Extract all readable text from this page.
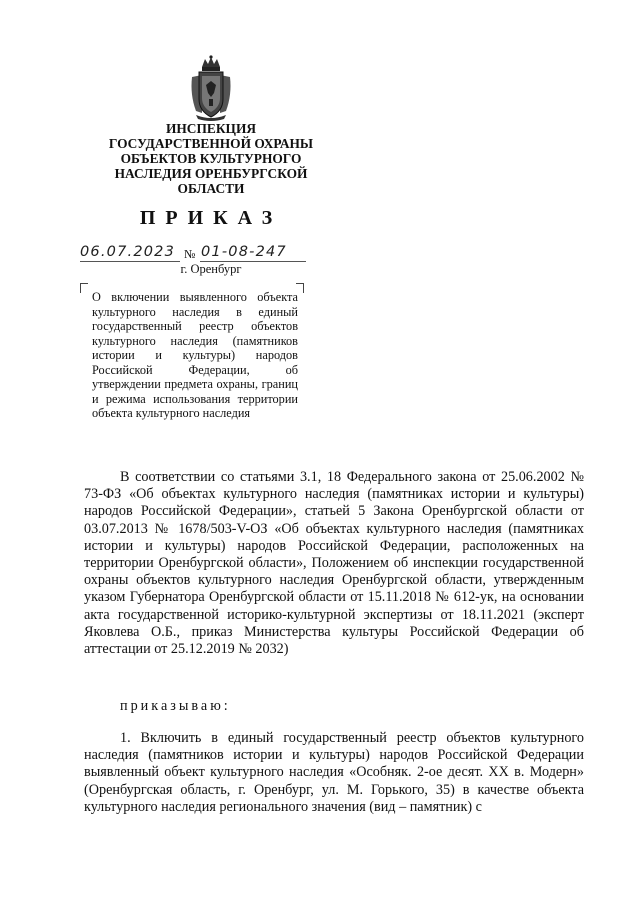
ИНСПЕКЦИЯ
ГОСУДАРСТВЕННОЙ ОХРАНЫ
ОБЪЕКТОВ КУЛЬТУРНОГО
НАСЛЕДИЯ ОРЕНБУРГСКОЙ
ОБЛАСТИ
ПРИКАЗ
06.07.2023 № 01-08-247
г. Оренбург
О включении выявленного объекта культурного наследия в единый государственный реестр объектов культурного наследия (памятников истории и культуры) народов Российской Федерации, об утверждении предмета охраны, границ и режима использования территории объекта культурного наследия
В соответствии со статьями 3.1, 18 Федерального закона от 25.06.2002 № 73-ФЗ «Об объектах культурного наследия (памятниках истории и культуры) народов Российской Федерации», статьей 5 Закона Оренбургской области от 03.07.2013 № 1678/503-V-ОЗ «Об объектах культурного наследия (памятниках истории и культуры) народов Российской Федерации, расположенных на территории Оренбургской области», Положением об инспекции государственной охраны объектов культурного наследия Оренбургской области, утвержденным указом Губернатора Оренбургской области от 15.11.2018 № 612-ук, на основании акта государственной историко-культурной экспертизы от 18.11.2021 (эксперт Яковлева О.Б., приказ Министерства культуры Российской Федерации об аттестации от 25.12.2019 № 2032)
приказываю:
1. Включить в единый государственный реестр объектов культурного наследия (памятников истории и культуры) народов Российской Федерации выявленный объект культурного наследия «Особняк. 2-ое десят. XX в. Модерн» (Оренбургская область, г. Оренбург, ул. М. Горького, 35) в качестве объекта культурного наследия регионального значения (вид – памятник) с
